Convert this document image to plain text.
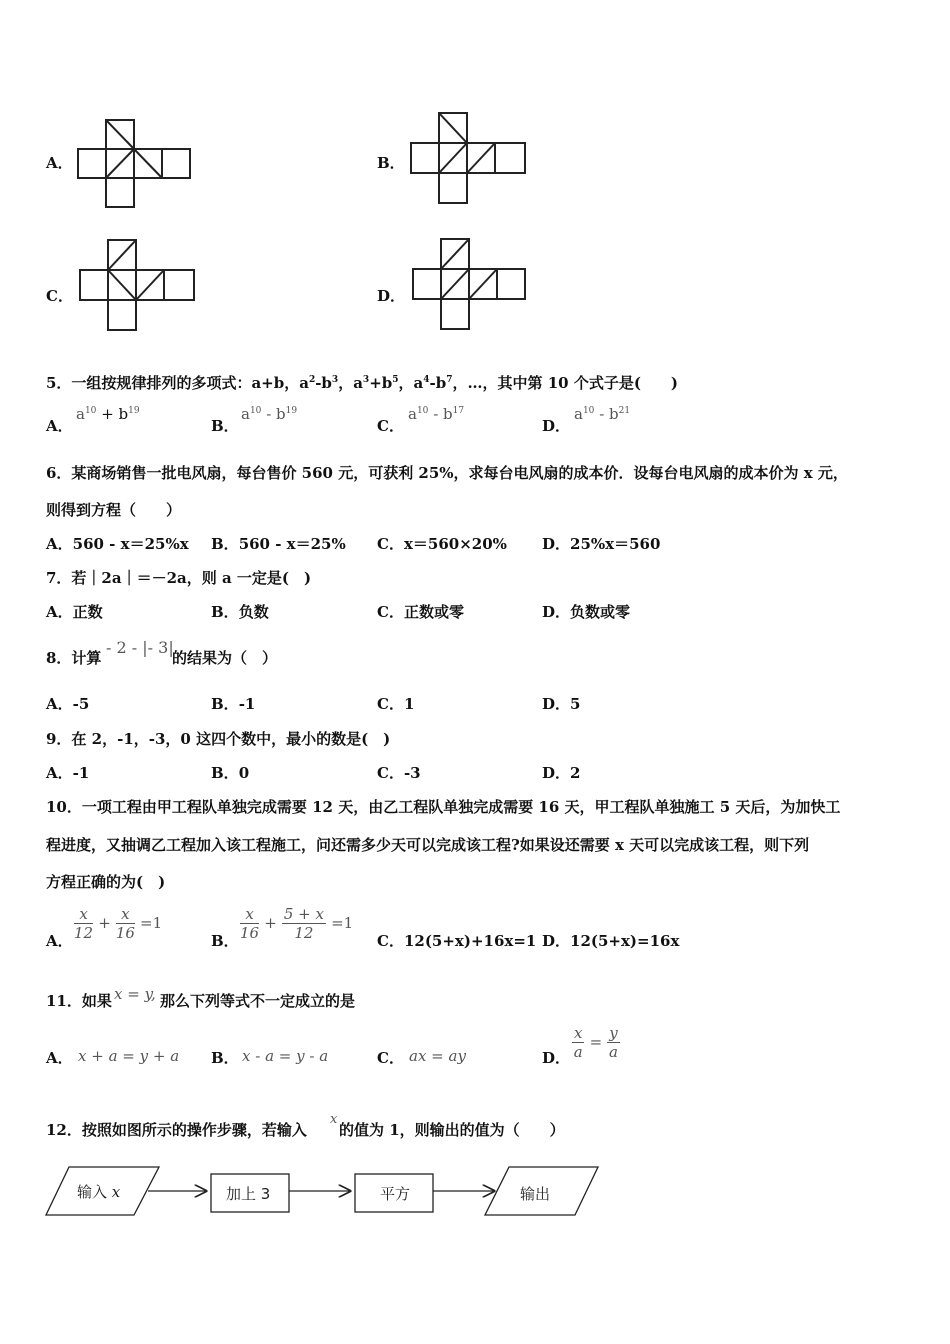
A．	B．
C．	D．
5．一组按规律排列的多项式：a+b，$a^2-b^3$，$a^3+b^5$，$a^4-b^7$，…，其中第 10 个式子是(　　)
A．
$a^{10} + b^{19}$
B．
$a^{10} - b^{19}$
C．
$a^{10} - b^{17}$
D．
$a^{10} - b^{21}$
6．某商场销售一批电风扇，每台售价 560 元，可获利 25%，求每台电风扇的成本价．设每台电风扇的成本价为 x 元，
则得到方程（　　）
A．560 - x＝25%x B．560 - x＝25% C．x＝560×20% D．25%x＝560
7．若｜2a｜＝－2a，则 a 一定是(　)
A．正数	B．负数	C．正数或零	D．负数或零
8．计算
- 2 - |- 3|
的结果为（　）
A．-5	B．-1	C．1	D．5
9．在 2，-1，-3，0 这四个数中，最小的数是(　)
A．-1	B．0	C．-3	D．2
10．一项工程由甲工程队单独完成需要 12 天，由乙工程队单独完成需要 16 天，甲工程队单独施工 5 天后，为加快工
程进度，又抽调乙工程加入该工程施工，问还需多少天可以完成该工程?如果设还需要 x 天可以完成该工程，则下列
方程正确的为(　)
A． $\frac{x}{12} + \frac{x}{16} =1$
B． $\frac{x}{16} + \frac{5 + x}{12} =1$
C．12(5+x)+16x=1 D．12(5+x)=16x
11．如果 x = y, 那么下列等式不一定成立的是
A． x + a = y + a B． x - a = y - a	C． ax = ay	D． $\frac{x}{a} = \frac{y}{a}$
12．按照如图所示的操作步骤，若输入
x
的值为 1，则输出的值为（　　）
输入 x	加上 3	平方	输出
